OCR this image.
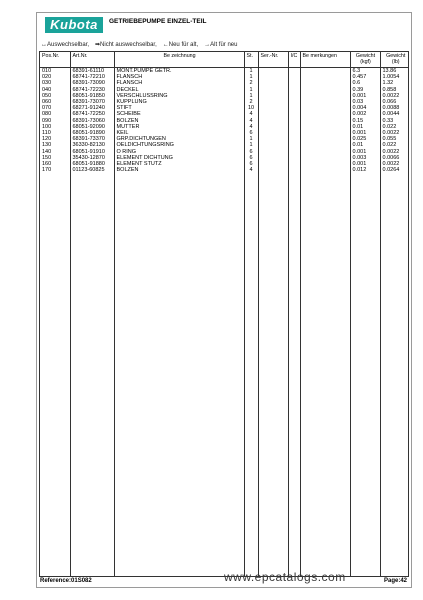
Kubota	GETRIEBEPUMPE EINZEL-TEIL
↔Auswechselbar, ➡Nicht auswechselbar, ←Neu für alt, →Alt für neu
Pos.Nr.	Art.Nr.	Be zeichnung	St.	Ser.-Nr.	I/C	Be merkungen	Gewicht (kgf)	Gewicht (lb)
010	68391-61110	MONT.PUMPE GETR.	1				6.3	13.86
020	68741-72210	FLANSCH	1				0.457	1.0054
030	68391-73090	FLANSCH	2				0.6	1.32
040	68741-72230	DECKEL	1				0.39	0.858
050	68051-91850	VERSCHLUSSRING	1				0.001	0.0022
060	68391-73070	KUPPLUNG	2				0.03	0.066
070	68271-91240	STIFT	10				0.004	0.0088
080	68741-72250	SCHEIBE	4				0.002	0.0044
090	68391-73060	BOLZEN	4				0.15	0.33
100	68051-92090	MUTTER	4				0.01	0.022
110	68051-91890	KEIL	6				0.001	0.0022
120	68391-73370	GRP.DICHTUNGEN	1				0.025	0.055
130	36330-82130	OELDICHTUNGSRING	1				0.01	0.022
140	68051-91910	O RING	6				0.001	0.0022
150	35430-12870	ELEMENT DICHTUNG	6				0.003	0.0066
160	68051-91880	ELEMENT STUTZ	6				0.001	0.0022
170	01123-60825	BOLZEN	4				0.012	0.0264

Reference:01S082	Page:42
www.epcatalogs.com
